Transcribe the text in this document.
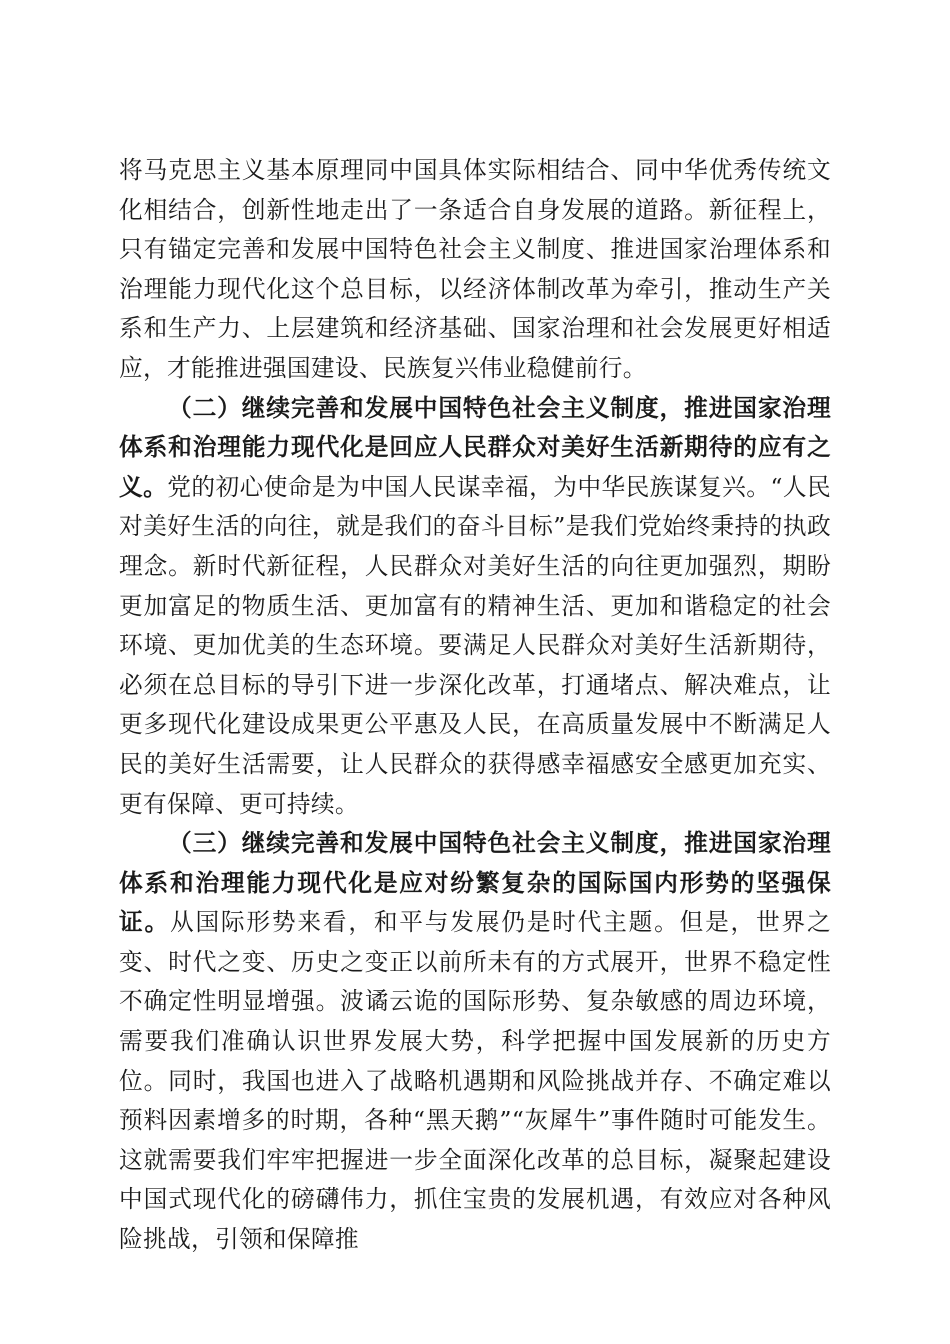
将马克思主义基本原理同中国具体实际相结合、同中华优秀传统文化相结合，创新性地走出了一条适合自身发展的道路。新征程上，只有锚定完善和发展中国特色社会主义制度、推进国家治理体系和治理能力现代化这个总目标，以经济体制改革为牵引，推动生产关系和生产力、上层建筑和经济基础、国家治理和社会发展更好相适应，才能推进强国建设、民族复兴伟业稳健前行。

（二）继续完善和发展中国特色社会主义制度，推进国家治理体系和治理能力现代化是回应人民群众对美好生活新期待的应有之义。党的初心使命是为中国人民谋幸福，为中华民族谋复兴。“人民对美好生活的向往，就是我们的奋斗目标”是我们党始终秉持的执政理念。新时代新征程，人民群众对美好生活的向往更加强烈，期盼更加富足的物质生活、更加富有的精神生活、更加和谐稳定的社会环境、更加优美的生态环境。要满足人民群众对美好生活新期待，必须在总目标的导引下进一步深化改革，打通堵点、解决难点，让更多现代化建设成果更公平惠及人民，在高质量发展中不断满足人民的美好生活需要，让人民群众的获得感幸福感安全感更加充实、更有保障、更可持续。

（三）继续完善和发展中国特色社会主义制度，推进国家治理体系和治理能力现代化是应对纷繁复杂的国际国内形势的坚强保证。从国际形势来看，和平与发展仍是时代主题。但是，世界之变、时代之变、历史之变正以前所未有的方式展开，世界不稳定性不确定性明显增强。波谲云诡的国际形势、复杂敏感的周边环境，需要我们准确认识世界发展大势，科学把握中国发展新的历史方位。同时，我国也进入了战略机遇期和风险挑战并存、不确定难以预料因素增多的时期，各种“黑天鹅”“灰犀牛”事件随时可能发生。这就需要我们牢牢把握进一步全面深化改革的总目标，凝聚起建设中国式现代化的磅礴伟力，抓住宝贵的发展机遇，有效应对各种风险挑战，引领和保障推
